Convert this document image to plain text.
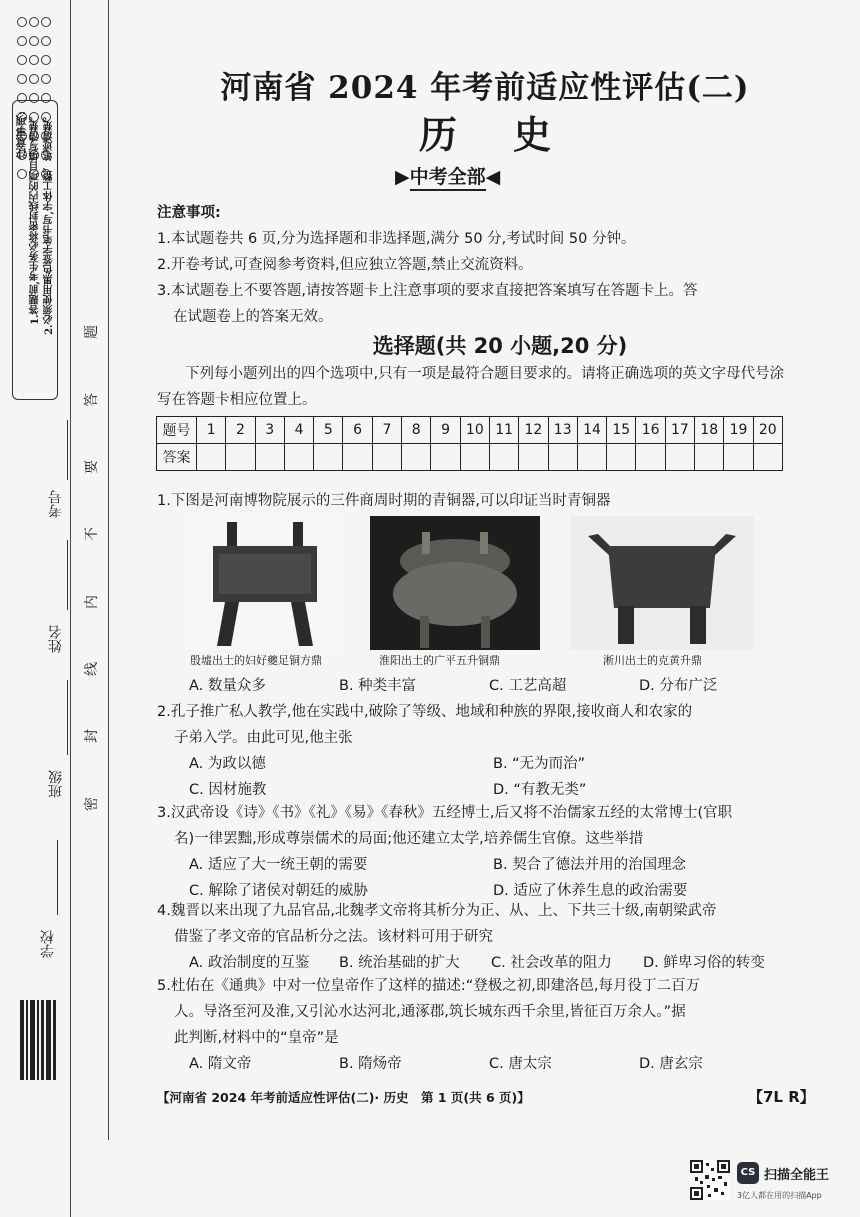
注意事项: 1.答题前,考生务必将密封线内的项目填写清楚。 2.必须使用黑色签字笔书写,字体工整、笔迹清楚。
考号
姓名
班级
学校
题
答
要
不
内
线
封
密
河南省 2024 年考前适应性评估(二)
历史
▶中考全部◀
注意事项:
1.本试题卷共 6 页,分为选择题和非选择题,满分 50 分,考试时间 50 分钟。
2.开卷考试,可查阅参考资料,但应独立答题,禁止交流资料。
3.本试题卷上不要答题,请按答题卡上注意事项的要求直接把答案填写在答题卡上。答
在试题卷上的答案无效。
选择题(共 20 小题,20 分)
下列每小题列出的四个选项中,只有一项是最符合题目要求的。请将正确选项的英文字母代号涂写在答题卡相应位置上。
题号	1	2	3	4	5	6	7	8	9	10	11	12	13	14	15	16	17	18	19	20
答案																				
1.下图是河南博物院展示的三件商周时期的青铜器,可以印证当时青铜器
殷墟出土的妇好夔足铜方鼎	淮阳出土的广平五升铜鼎	淅川出土的克黄升鼎
A. 数量众多	B. 种类丰富	C. 工艺高超	D. 分布广泛
2.孔子推广私人教学,他在实践中,破除了等级、地域和种族的界限,接收商人和农家的
子弟入学。由此可见,他主张
A. 为政以德	B. “无为而治”
C. 因材施教	D. “有教无类”
3.汉武帝设《诗》《书》《礼》《易》《春秋》五经博士,后又将不治儒家五经的太常博士(官职
名)一律罢黜,形成尊崇儒术的局面;他还建立太学,培养儒生官僚。这些举措
A. 适应了大一统王朝的需要	B. 契合了德法并用的治国理念
C. 解除了诸侯对朝廷的威胁	D. 适应了休养生息的政治需要
4.魏晋以来出现了九品官品,北魏孝文帝将其析分为正、从、上、下共三十级,南朝梁武帝
借鉴了孝文帝的官品析分之法。该材料可用于研究
A. 政治制度的互鉴	B. 统治基础的扩大	C. 社会改革的阻力	D. 鲜卑习俗的转变
5.杜佑在《通典》中对一位皇帝作了这样的描述:“登极之初,即建洛邑,每月役丁二百万
人。导洛至河及淮,又引沁水达河北,通涿郡,筑长城东西千余里,皆征百万余人。”据
此判断,材料中的“皇帝”是
A. 隋文帝	B. 隋炀帝	C. 唐太宗	D. 唐玄宗
【河南省 2024 年考前适应性评估(二)· 历史　第 1 页(共 6 页)】	【7L R】
CS 扫描全能王
3亿人都在用的扫描App
